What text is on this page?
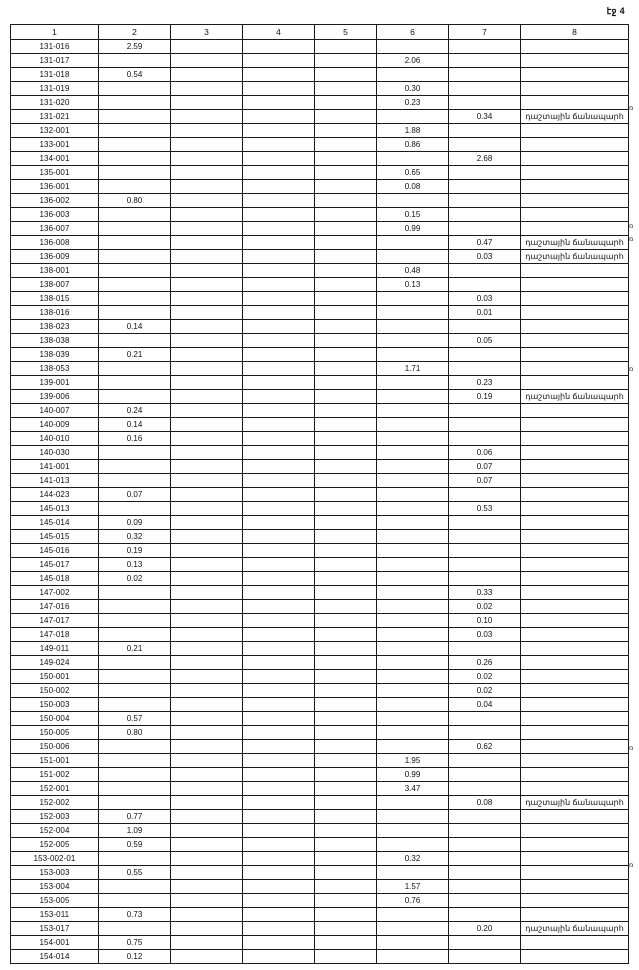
էջ 4
1	2	3	4	5	6	7	8
131-016	2.59						
131-017					2.06		
131-018	0.54						
131-019					0.30		
131-020					0.23		
131-021						0.34	դաշտային ճանապարհ
132-001					1.88		
133-001					0.86		
134-001						2.68	
135-001					0.65		
136-001					0.08		
136-002	0.80						
136-003					0.15		
136-007					0.99		
136-008						0.47	դաշտային ճանապարհ
136-009						0.03	դաշտային ճանապարհ
138-001					0.48		
138-007					0.13		
138-015						0.03	
138-016						0.01	
138-023	0.14						
138-038						0.05	
138-039	0.21						
138-053					1.71		
139-001						0.23	
139-006						0.19	դաշտային ճանապարհ
140-007	0.24						
140-009	0.14						
140-010	0.16						
140-030						0.06	
141-001						0.07	
141-013						0.07	
144-023	0.07						
145-013						0.53	
145-014	0.09						
145-015	0.32						
145-016	0.19						
145-017	0.13						
145-018	0.02						
147-002						0.33	
147-016						0.02	
147-017						0.10	
147-018						0.03	
149-011	0.21						
149-024						0.26	
150-001						0.02	
150-002						0.02	
150-003						0.04	
150-004	0.57						
150-005	0.80						
150-006						0.62	
151-001					1.95		
151-002					0.99		
152-001					3.47		
152-002						0.08	դաշտային ճանապարհ
152-003	0.77						
152-004	1.09						
152-005	0.59						
153-002-01					0.32		
153-003	0.55						
153-004					1.57		
153-005					0.76		
153-011	0.73						
153-017						0.20	դաշտային ճանապարհ
154-001	0.75						
154-014	0.12						
ռ
ռ
ռ
ռ
ռ
ռ
